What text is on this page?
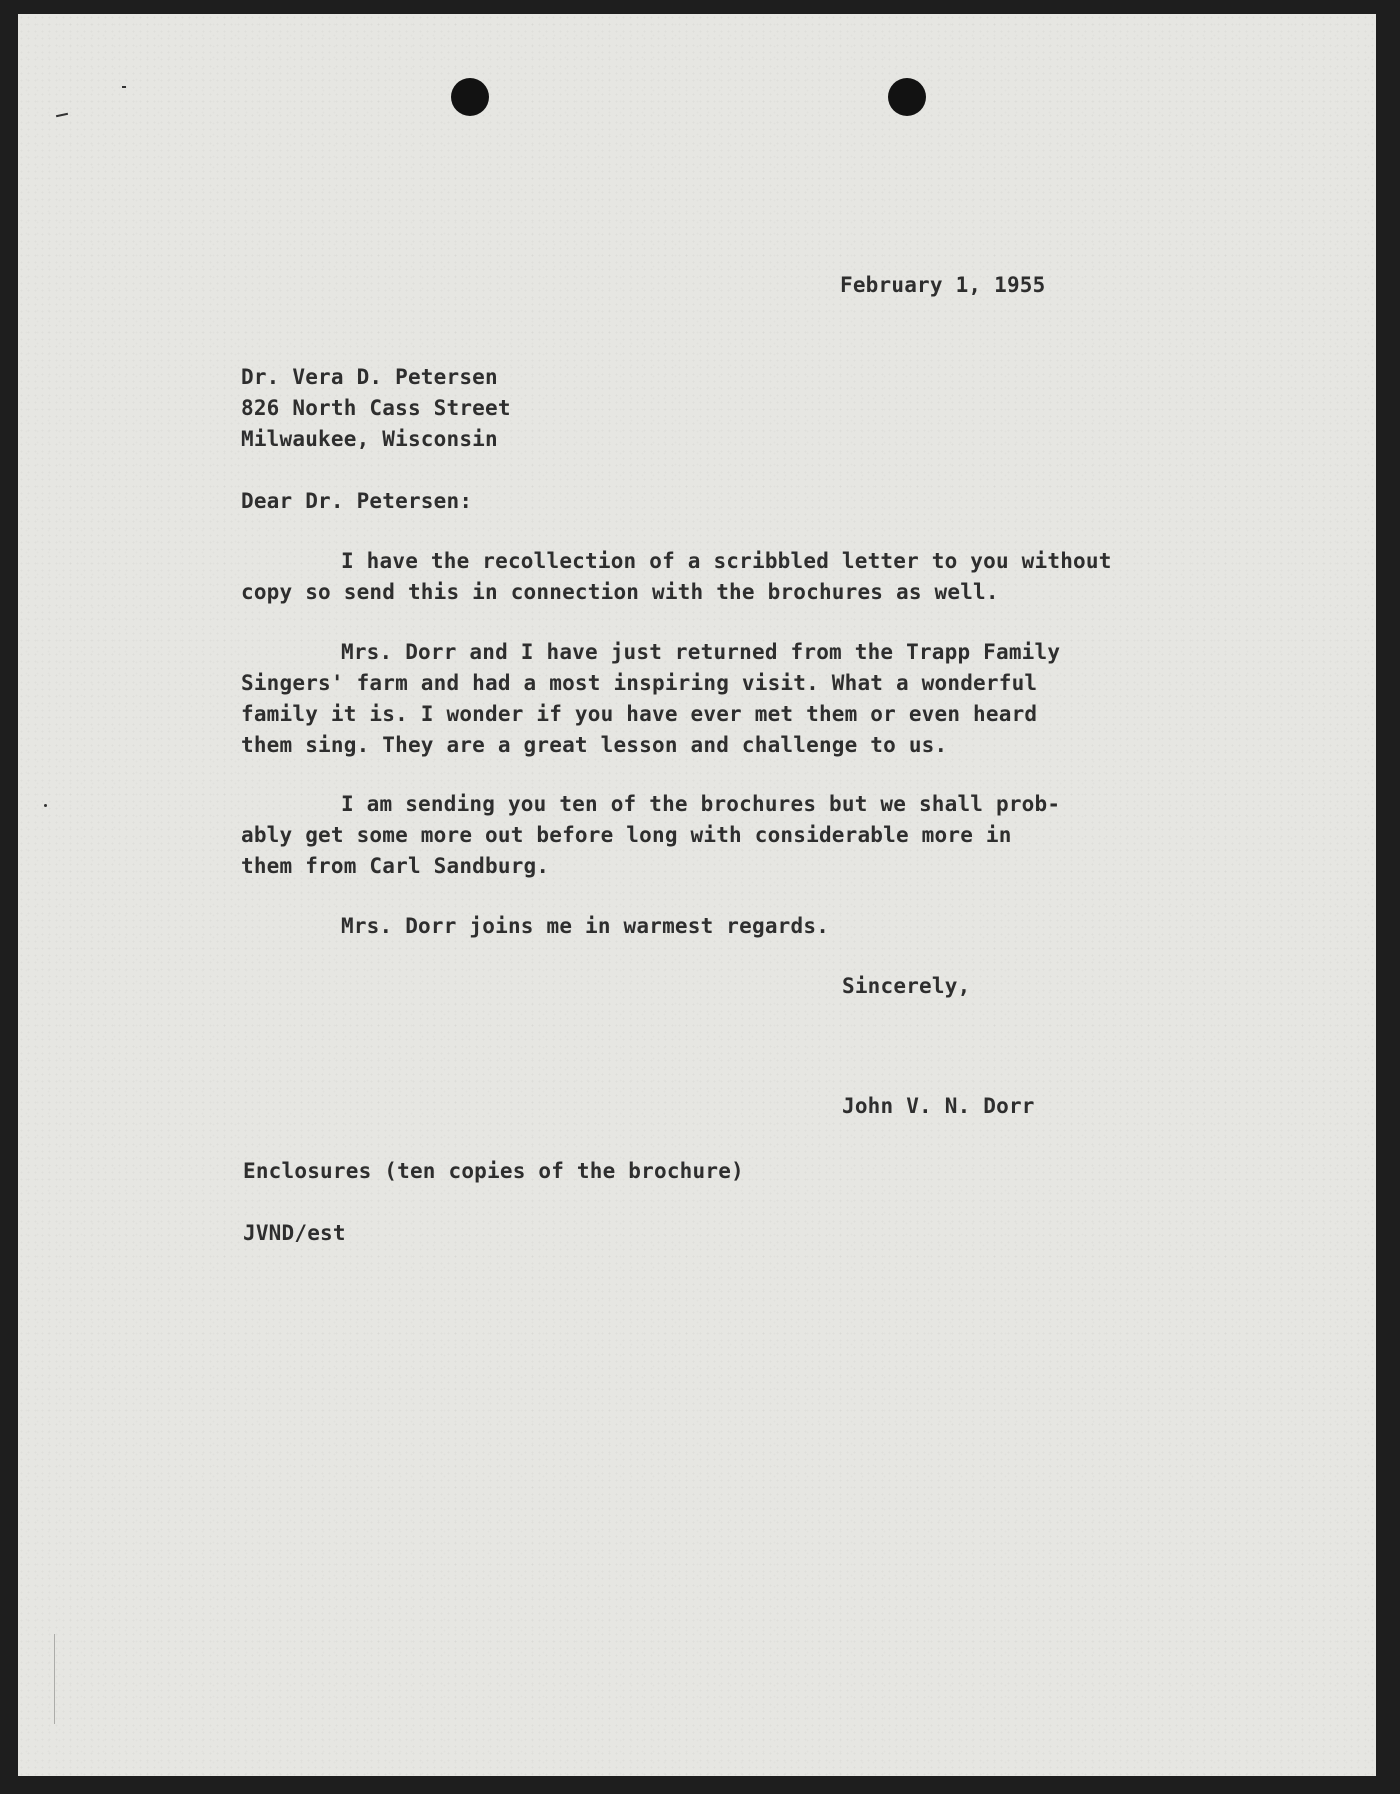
February 1, 1955

Dr. Vera D. Petersen
826 North Cass Street
Milwaukee, Wisconsin

Dear Dr. Petersen:

I have the recollection of a scribbled letter to you without
copy so send this in connection with the brochures as well.
Mrs. Dorr and I have just returned from the Trapp Family
Singers' farm and had a most inspiring visit. What a wonderful
family it is. I wonder if you have ever met them or even heard
them sing. They are a great lesson and challenge to us.
I am sending you ten of the brochures but we shall prob-
ably get some more out before long with considerable more in
them from Carl Sandburg.
Mrs. Dorr joins me in warmest regards.

Sincerely,

John V. N. Dorr

Enclosures (ten copies of the brochure)

JVND/est
